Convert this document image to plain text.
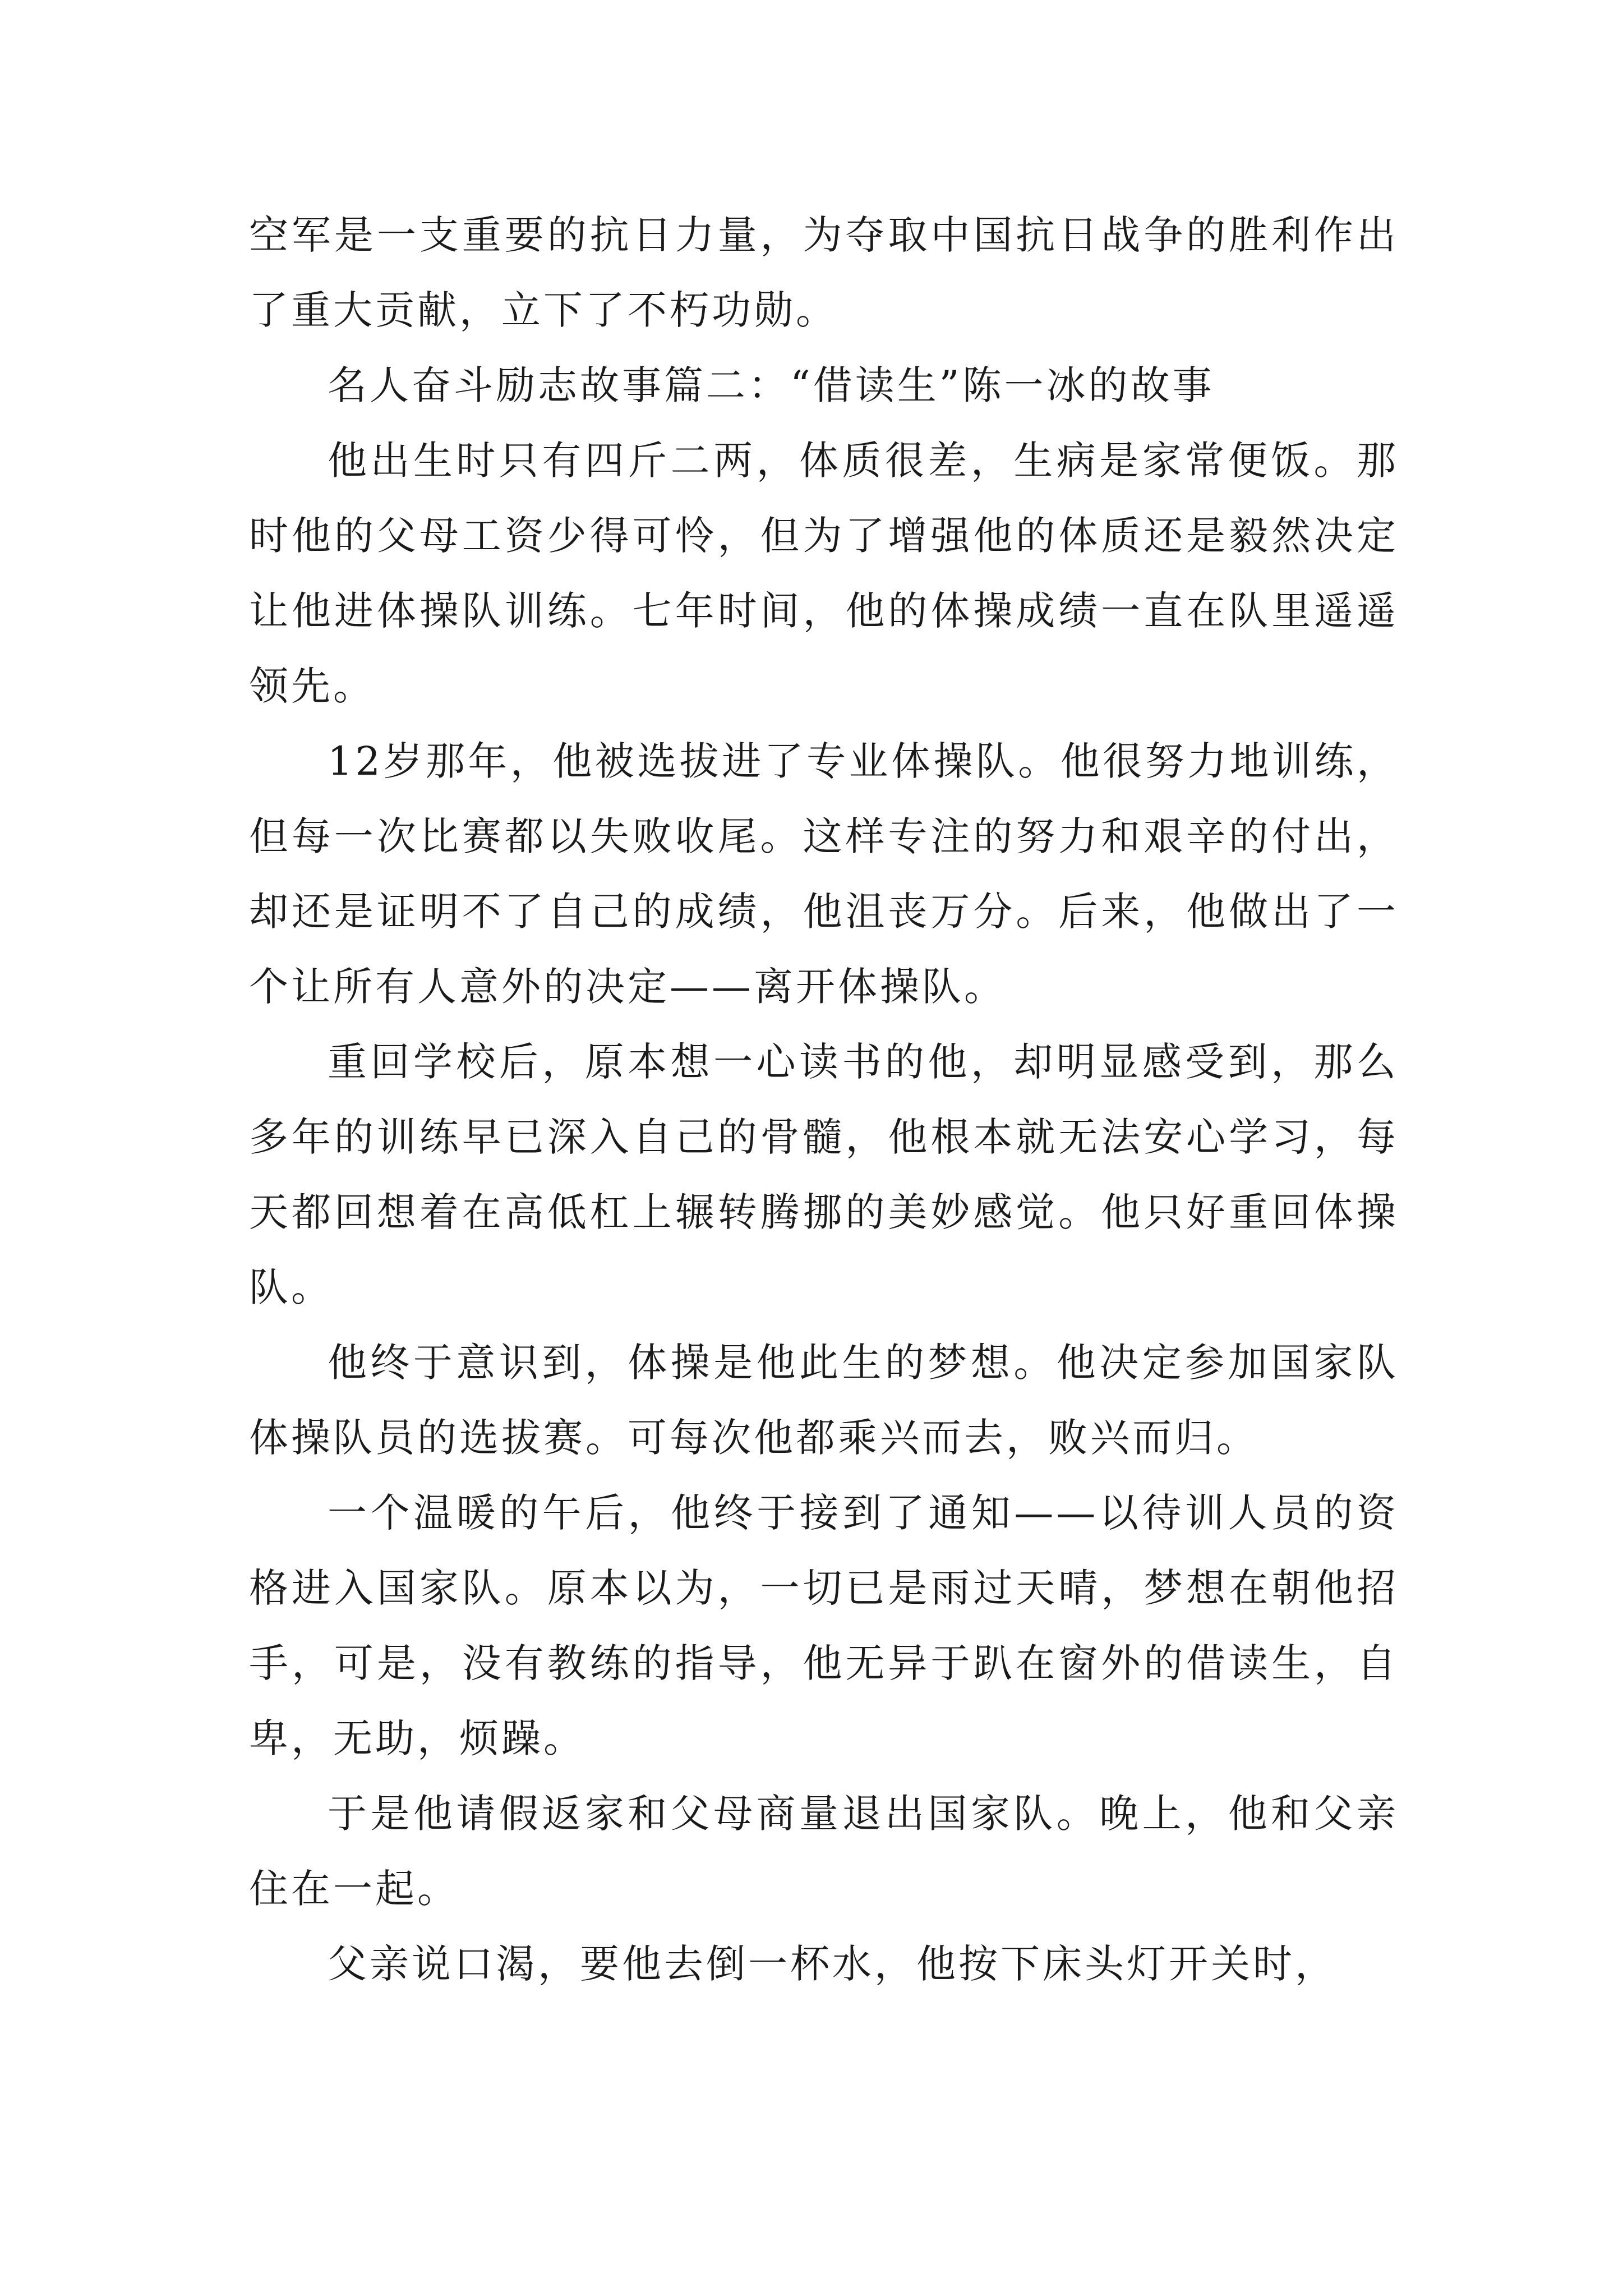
空军是一支重要的抗日力量，为夺取中国抗日战争的胜利作出了重大贡献，立下了不朽功勋。

名人奋斗励志故事篇二：“借读生”陈一冰的故事

他出生时只有四斤二两，体质很差，生病是家常便饭。那时他的父母工资少得可怜，但为了增强他的体质还是毅然决定让他进体操队训练。七年时间，他的体操成绩一直在队里遥遥领先。

12岁那年，他被选拔进了专业体操队。他很努力地训练，但每一次比赛都以失败收尾。这样专注的努力和艰辛的付出，却还是证明不了自己的成绩，他沮丧万分。后来，他做出了一个让所有人意外的决定——离开体操队。

重回学校后，原本想一心读书的他，却明显感受到，那么多年的训练早已深入自己的骨髓，他根本就无法安心学习，每天都回想着在高低杠上辗转腾挪的美妙感觉。他只好重回体操队。

他终于意识到，体操是他此生的梦想。他决定参加国家队体操队员的选拔赛。可每次他都乘兴而去，败兴而归。

一个温暖的午后，他终于接到了通知——以待训人员的资格进入国家队。原本以为，一切已是雨过天晴，梦想在朝他招手，可是，没有教练的指导，他无异于趴在窗外的借读生，自卑，无助，烦躁。

于是他请假返家和父母商量退出国家队。晚上，他和父亲住在一起。

父亲说口渴，要他去倒一杯水，他按下床头灯开关时，
